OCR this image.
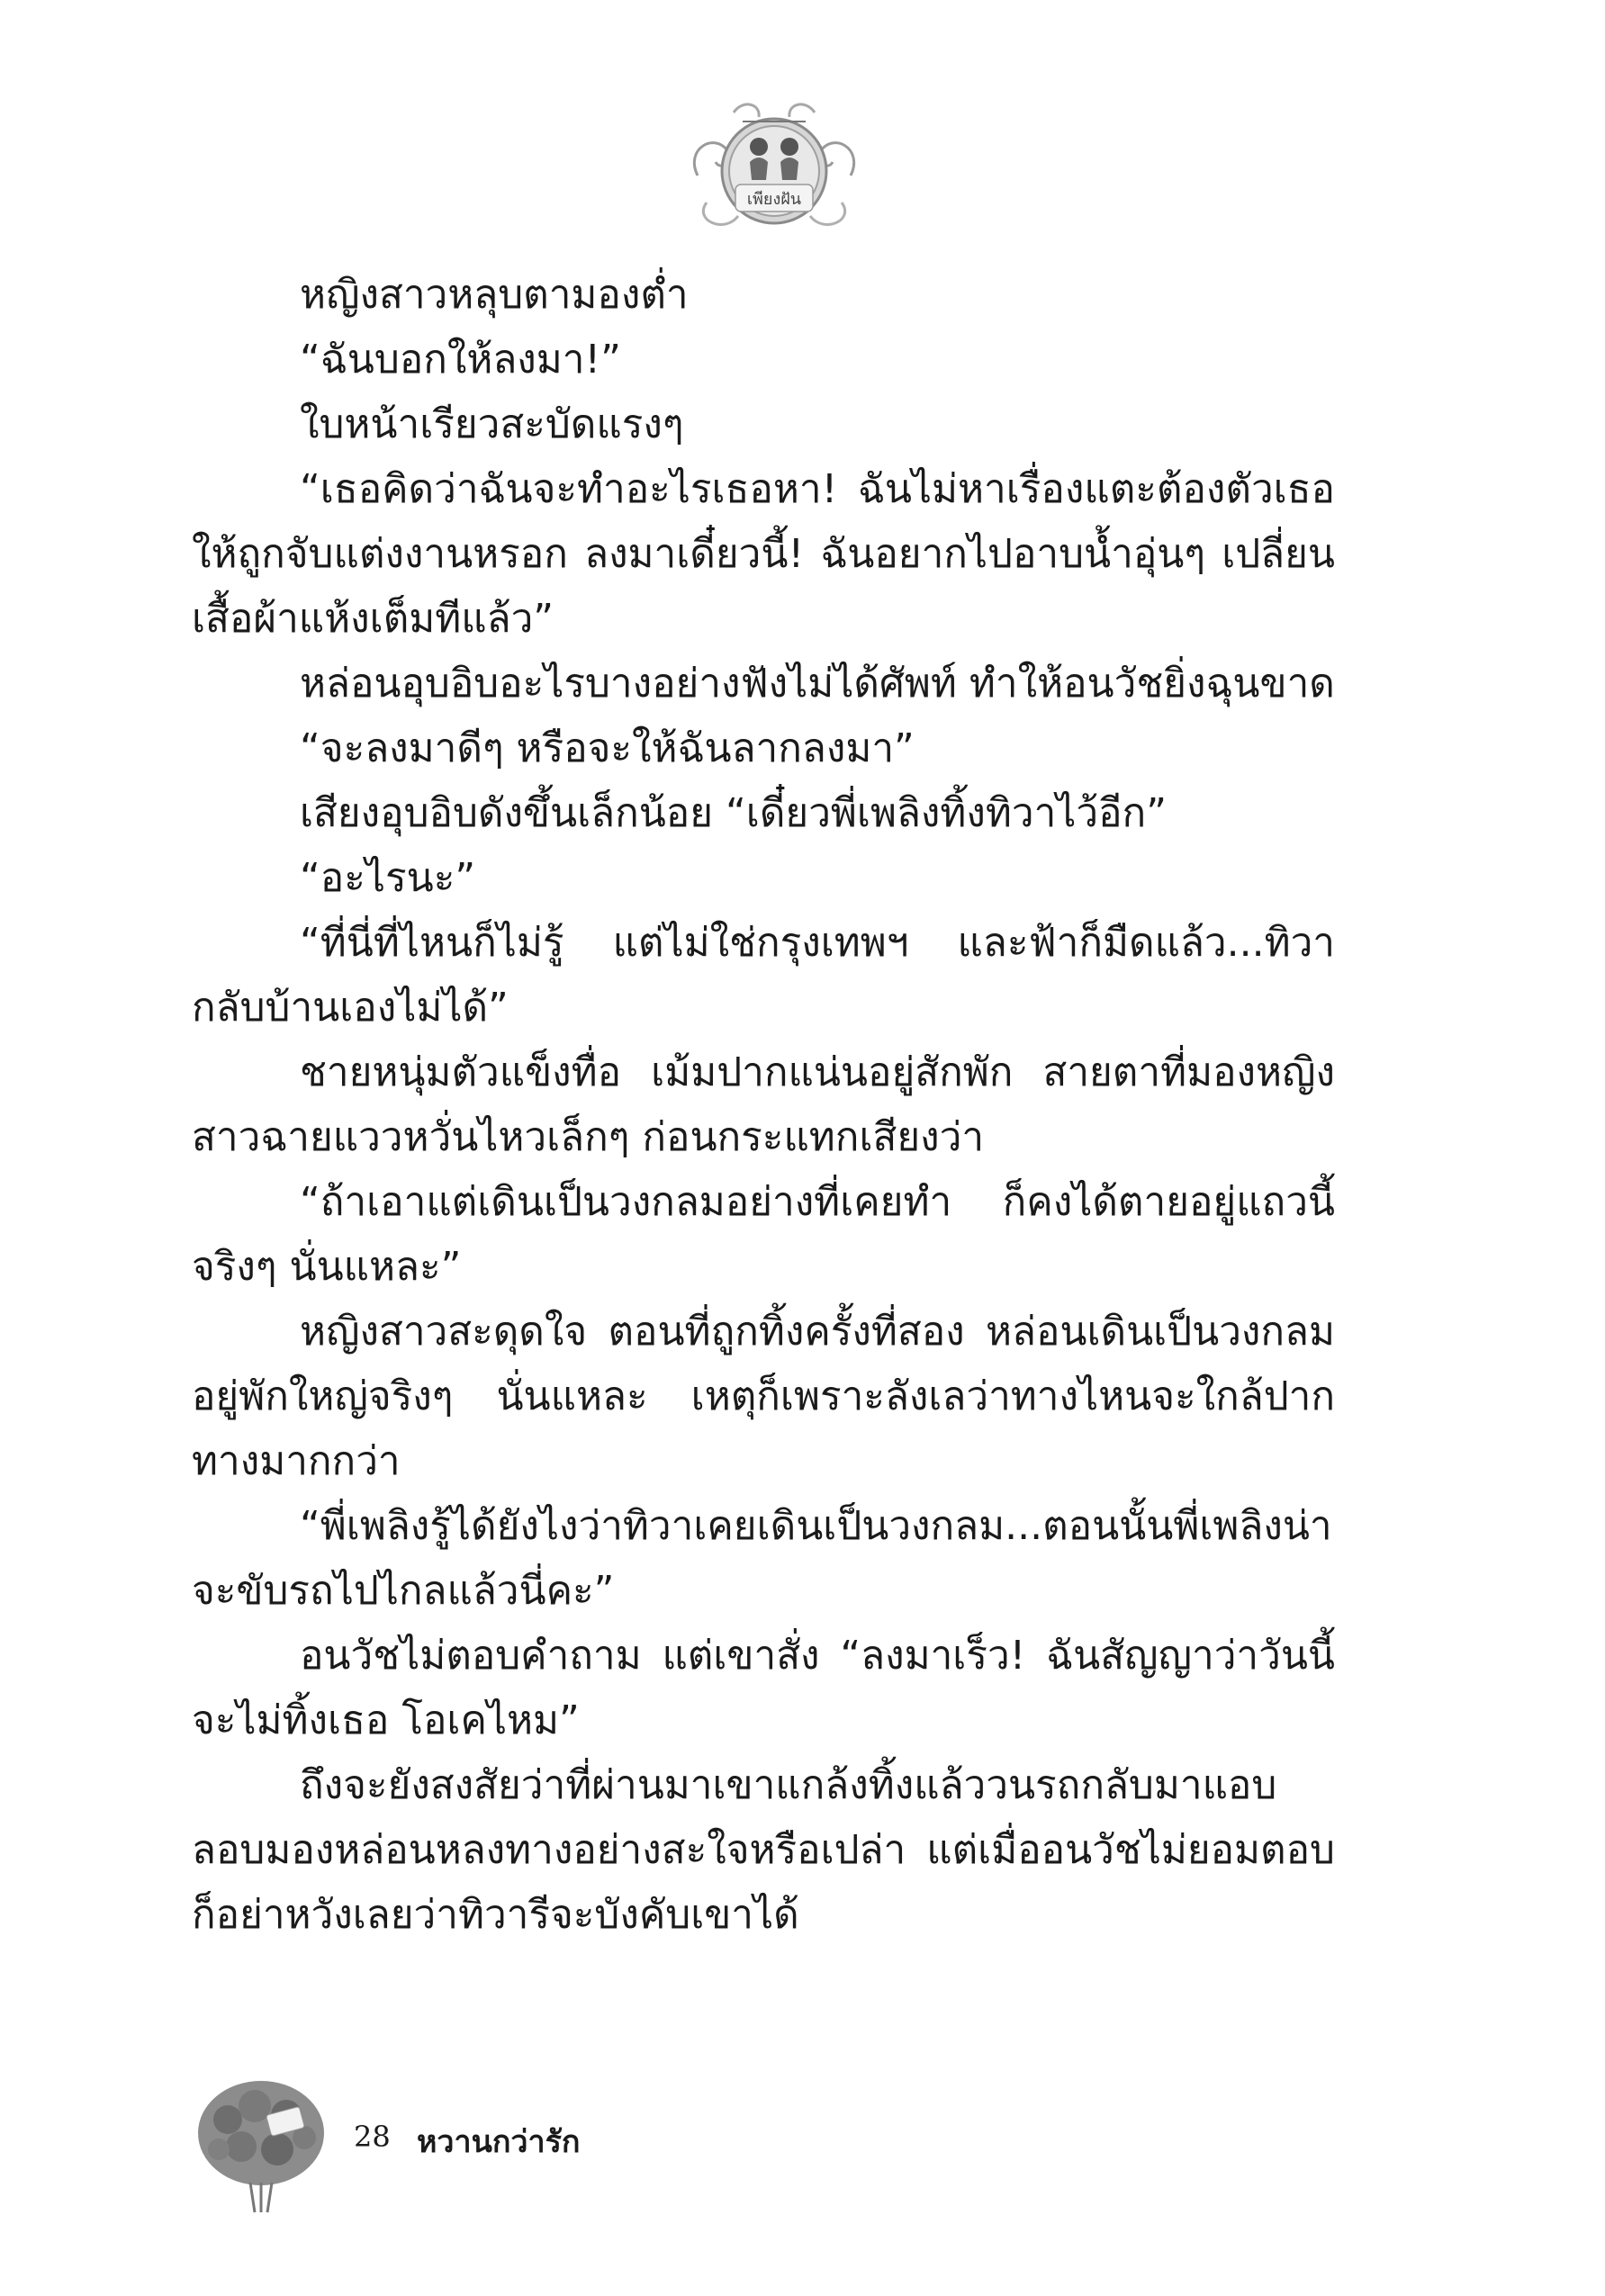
เพียงฝัน

หญิงสาวหลุบตามองต่ำ

“ฉันบอกให้ลงมา!”

ใบหน้าเรียวสะบัดแรงๆ

“เธอคิดว่าฉันจะทำอะไรเธอหา! ฉันไม่หาเรื่องแตะต้องตัวเธอให้ถูกจับแต่งงานหรอก ลงมาเดี๋ยวนี้! ฉันอยากไปอาบน้ำอุ่นๆ เปลี่ยนเสื้อผ้าแห้งเต็มทีแล้ว”

หล่อนอุบอิบอะไรบางอย่างฟังไม่ได้ศัพท์ ทำให้อนวัชยิ่งฉุนขาด

“จะลงมาดีๆ หรือจะให้ฉันลากลงมา”

เสียงอุบอิบดังขึ้นเล็กน้อย “เดี๋ยวพี่เพลิงทิ้งทิวาไว้อีก”

“อะไรนะ”

“ที่นี่ที่ไหนก็ไม่รู้ แต่ไม่ใช่กรุงเทพฯ และฟ้าก็มืดแล้ว...ทิวากลับบ้านเองไม่ได้”

ชายหนุ่มตัวแข็งทื่อ เม้มปากแน่นอยู่สักพัก สายตาที่มองหญิงสาวฉายแววหวั่นไหวเล็กๆ ก่อนกระแทกเสียงว่า

“ถ้าเอาแต่เดินเป็นวงกลมอย่างที่เคยทำ ก็คงได้ตายอยู่แถวนี้จริงๆ นั่นแหละ”

หญิงสาวสะดุดใจ ตอนที่ถูกทิ้งครั้งที่สอง หล่อนเดินเป็นวงกลมอยู่พักใหญ่จริงๆ นั่นแหละ เหตุก็เพราะลังเลว่าทางไหนจะใกล้ปากทางมากกว่า

“พี่เพลิงรู้ได้ยังไงว่าทิวาเคยเดินเป็นวงกลม...ตอนนั้นพี่เพลิงน่าจะขับรถไปไกลแล้วนี่คะ”

อนวัชไม่ตอบคำถาม แต่เขาสั่ง “ลงมาเร็ว! ฉันสัญญาว่าวันนี้จะไม่ทิ้งเธอ โอเคไหม”

ถึงจะยังสงสัยว่าที่ผ่านมาเขาแกล้งทิ้งแล้ววนรถกลับมาแอบลอบมองหล่อนหลงทางอย่างสะใจหรือเปล่า แต่เมื่ออนวัชไม่ยอมตอบ ก็อย่าหวังเลยว่าทิวารีจะบังคับเขาได้

28 หวานกว่ารัก
